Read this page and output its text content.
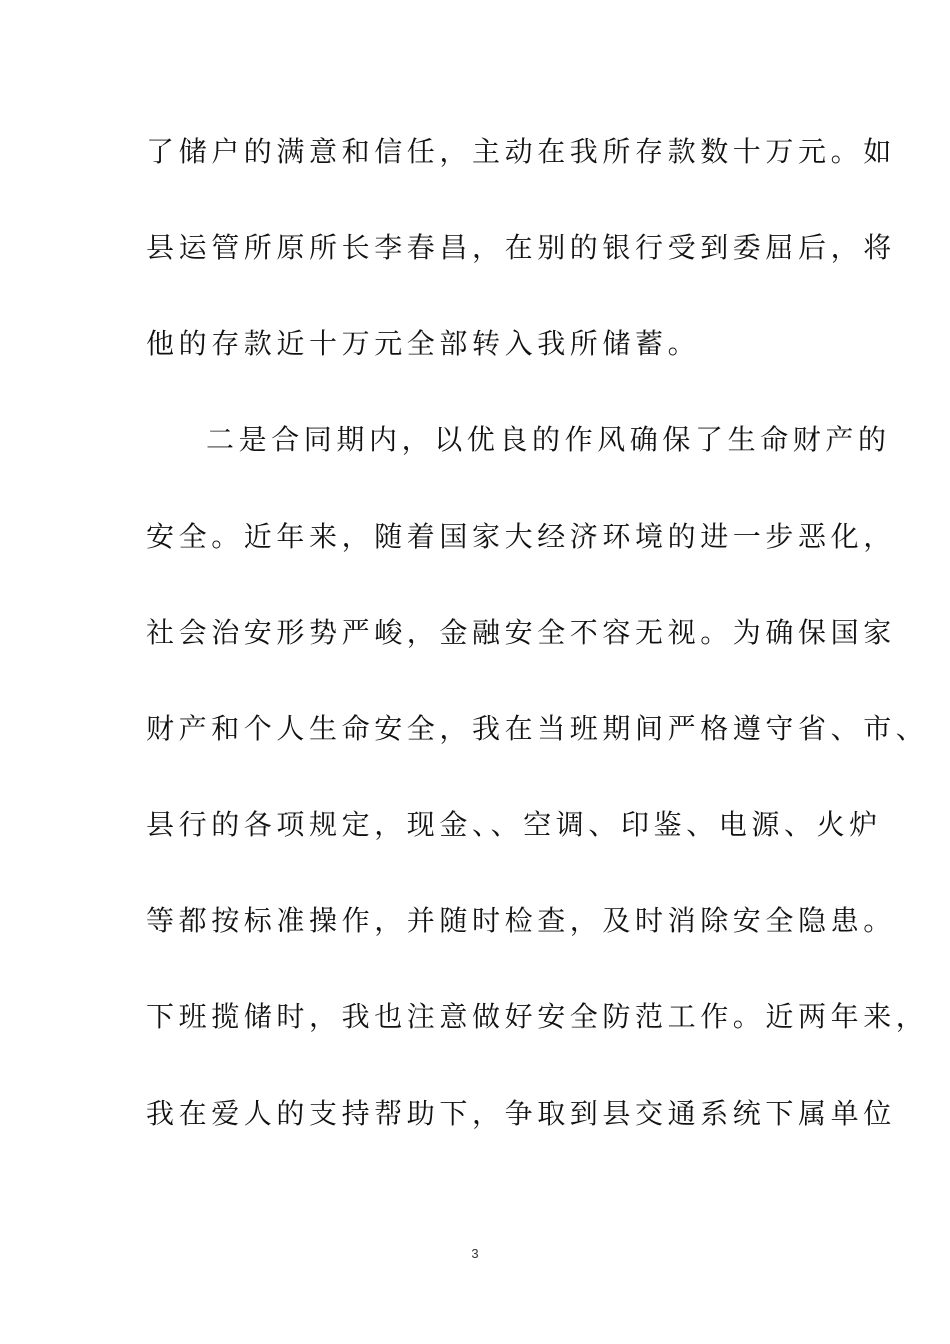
了储户的满意和信任，主动在我所存款数十万元。如
县运管所原所长李春昌，在别的银行受到委屈后，将
他的存款近十万元全部转入我所储蓄。
二是合同期内，以优良的作风确保了生命财产的
安全。近年来，随着国家大经济环境的进一步恶化，
社会治安形势严峻，金融安全不容无视。为确保国家
财产和个人生命安全，我在当班期间严格遵守省、市、
县行的各项规定，现金、、空调、印鉴、电源、火炉
等都按标准操作，并随时检查，及时消除安全隐患。
下班揽储时，我也注意做好安全防范工作。近两年来，
我在爱人的支持帮助下，争取到县交通系统下属单位
3
